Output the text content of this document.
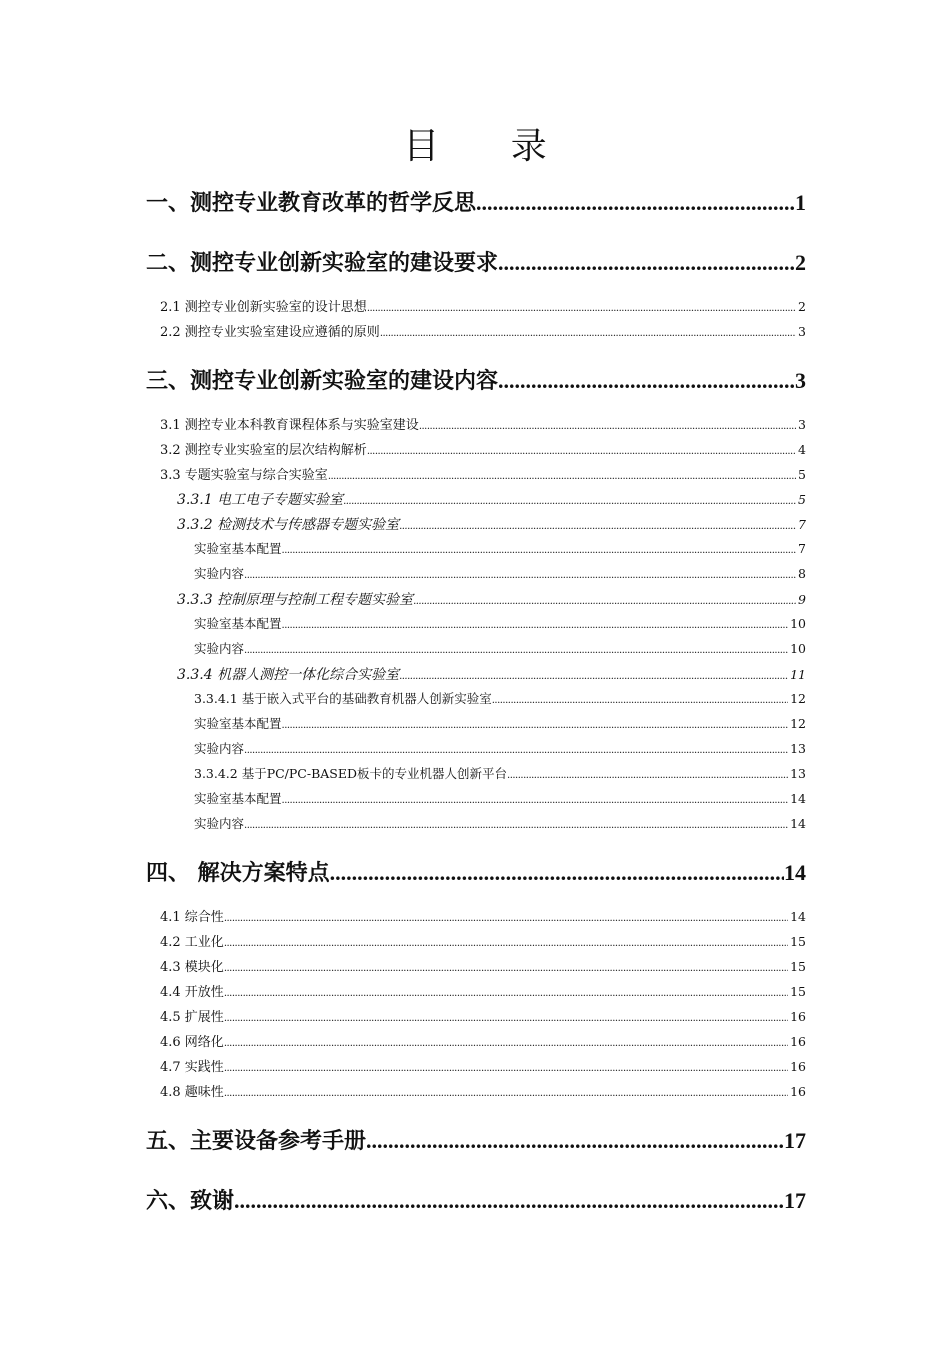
目 录
一、测控专业教育改革的哲学反思 .....	1
二、测控专业创新实验室的建设要求 .....	2
2.1 测控专业创新实验室的设计思想 .....	2
2.2 测控专业实验室建设应遵循的原则 .....	3
三、测控专业创新实验室的建设内容 .....	3
3.1 测控专业本科教育课程体系与实验室建设 .....	3
3.2 测控专业实验室的层次结构解析 .....	4
3.3 专题实验室与综合实验室 .....	5
3.3.1 电工电子专题实验室 .....	5
3.3.2 检测技术与传感器专题实验室 .....	7
实验室基本配置 .....	7
实验内容 .....	8
3.3.3 控制原理与控制工程专题实验室 .....	9
实验室基本配置 .....	10
实验内容 .....	10
3.3.4 机器人测控一体化综合实验室 .....	11
3.3.4.1 基于嵌入式平台的基础教育机器人创新实验室 .....	12
实验室基本配置 .....	12
实验内容 .....	13
3.3.4.2 基于PC/PC-BASED板卡的专业机器人创新平台 .....	13
实验室基本配置 .....	14
实验内容 .....	14
四、 解决方案特点 .....	14
4.1 综合性 .....	14
4.2 工业化 .....	15
4.3 模块化 .....	15
4.4 开放性 .....	15
4.5 扩展性 .....	16
4.6 网络化 .....	16
4.7 实践性 .....	16
4.8 趣味性 .....	16
五、主要设备参考手册 .....	17
六、致谢 .....	17
